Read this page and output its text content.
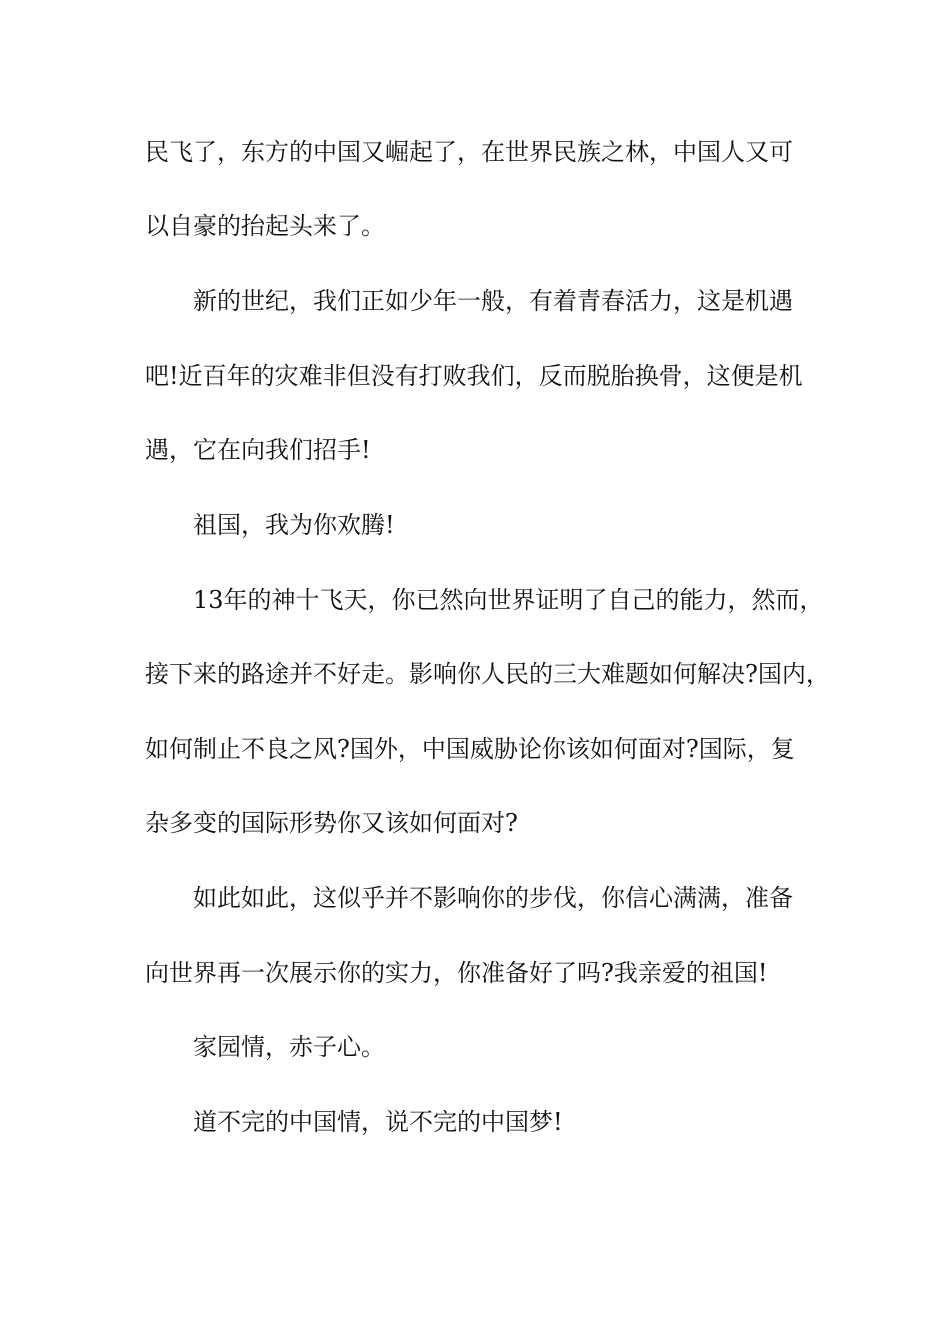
民飞了，东方的中国又崛起了，在世界民族之林，中国人又可
以自豪的抬起头来了。
新的世纪，我们正如少年一般，有着青春活力，这是机遇
吧!近百年的灾难非但没有打败我们，反而脱胎换骨，这便是机
遇，它在向我们招手!
祖国，我为你欢腾!
13年的神十飞天，你已然向世界证明了自己的能力，然而，
接下来的路途并不好走。影响你人民的三大难题如何解决?国内，
如何制止不良之风?国外，中国威胁论你该如何面对?国际，复
杂多变的国际形势你又该如何面对?
如此如此，这似乎并不影响你的步伐，你信心满满，准备
向世界再一次展示你的实力，你准备好了吗?我亲爱的祖国!
家园情，赤子心。
道不完的中国情，说不完的中国梦!
